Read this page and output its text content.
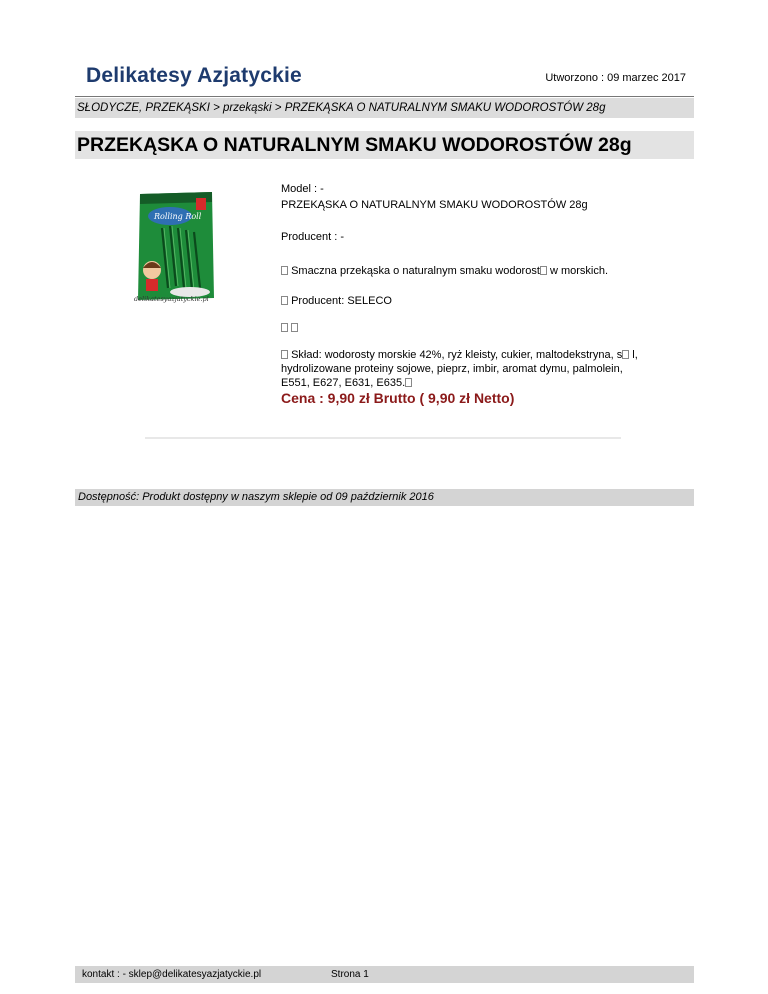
Delikatesy Azjatyckie	Utworzono : 09 marzec 2017
SŁODYCZE, PRZEKĄSKI > przekąski > PRZEKĄSKA O NATURALNYM SMAKU WODOROSTÓW 28g
PRZEKĄSKA O NATURALNYM SMAKU WODOROSTÓW 28g
Rolling Roll
delikatesyazjatyckie.pl
Model : -
PRZEKĄSKA O NATURALNYM SMAKU WODOROSTÓW 28g
Producent : -
Smaczna przekąska o naturalnym smaku wodorost w morskich.
Producent: SELECO

Skład: wodorosty morskie 42%, ryż kleisty, cukier, maltodekstryna, s l,
hydrolizowane proteiny sojowe, pieprz, imbir, aromat dymu, palmolein,
E551, E627, E631, E635.
Cena : 9,90 zł Brutto ( 9,90 zł Netto)
Dostępność: Produkt dostępny w naszym sklepie od 09 październik 2016
kontakt : - sklep@delikatesyazjatyckie.pl	Strona 1
